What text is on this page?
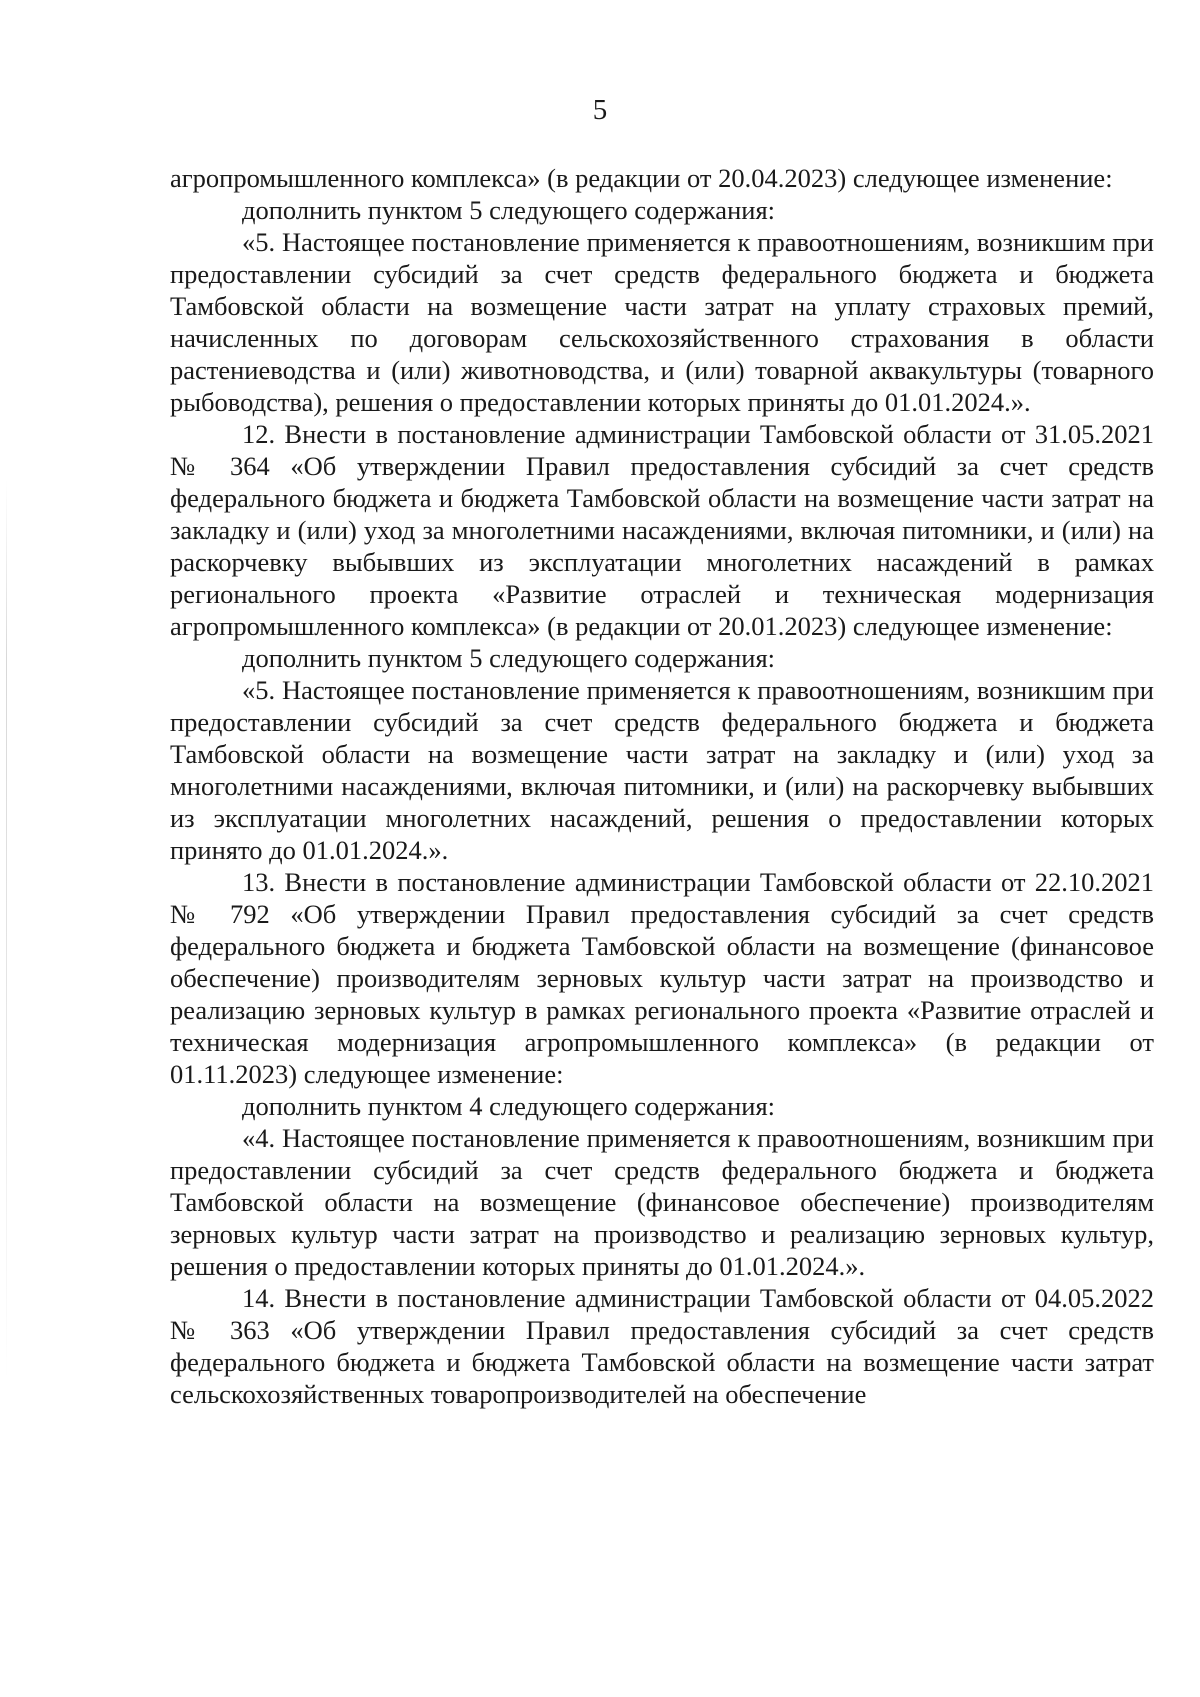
5

агропромышленного комплекса» (в редакции от 20.04.2023) следующее изменение:

дополнить пунктом 5 следующего содержания:

«5. Настоящее постановление применяется к правоотношениям, возникшим при предоставлении субсидий за счет средств федерального бюджета и бюджета Тамбовской области на возмещение части затрат на уплату страховых премий, начисленных по договорам сельскохозяйственного страхования в области растениеводства и (или) животноводства, и (или) товарной аквакультуры (товарного рыбоводства), решения о предоставлении которых приняты до 01.01.2024.».

12. Внести в постановление администрации Тамбовской области от 31.05.2021 № 364 «Об утверждении Правил предоставления субсидий за счет средств федерального бюджета и бюджета Тамбовской области на возмещение части затрат на закладку и (или) уход за многолетними насаждениями, включая питомники, и (или) на раскорчевку выбывших из эксплуатации многолетних насаждений в рамках регионального проекта «Развитие отраслей и техническая модернизация агропромышленного комплекса» (в редакции от 20.01.2023) следующее изменение:

дополнить пунктом 5 следующего содержания:

«5. Настоящее постановление применяется к правоотношениям, возникшим при предоставлении субсидий за счет средств федерального бюджета и бюджета Тамбовской области на возмещение части затрат на закладку и (или) уход за многолетними насаждениями, включая питомники, и (или) на раскорчевку выбывших из эксплуатации многолетних насаждений, решения о предоставлении которых принято до 01.01.2024.».

13. Внести в постановление администрации Тамбовской области от 22.10.2021 № 792 «Об утверждении Правил предоставления субсидий за счет средств федерального бюджета и бюджета Тамбовской области на возмещение (финансовое обеспечение) производителям зерновых культур части затрат на производство и реализацию зерновых культур в рамках регионального проекта «Развитие отраслей и техническая модернизация агропромышленного комплекса» (в редакции от 01.11.2023) следующее изменение:

дополнить пунктом 4 следующего содержания:

«4. Настоящее постановление применяется к правоотношениям, возникшим при предоставлении субсидий за счет средств федерального бюджета и бюджета Тамбовской области на возмещение (финансовое обеспечение) производителям зерновых культур части затрат на производство и реализацию зерновых культур, решения о предоставлении которых приняты до 01.01.2024.».

14. Внести в постановление администрации Тамбовской области от 04.05.2022 № 363 «Об утверждении Правил предоставления субсидий за счет средств федерального бюджета и бюджета Тамбовской области на возмещение части затрат сельскохозяйственных товаропроизводителей на обеспечение
